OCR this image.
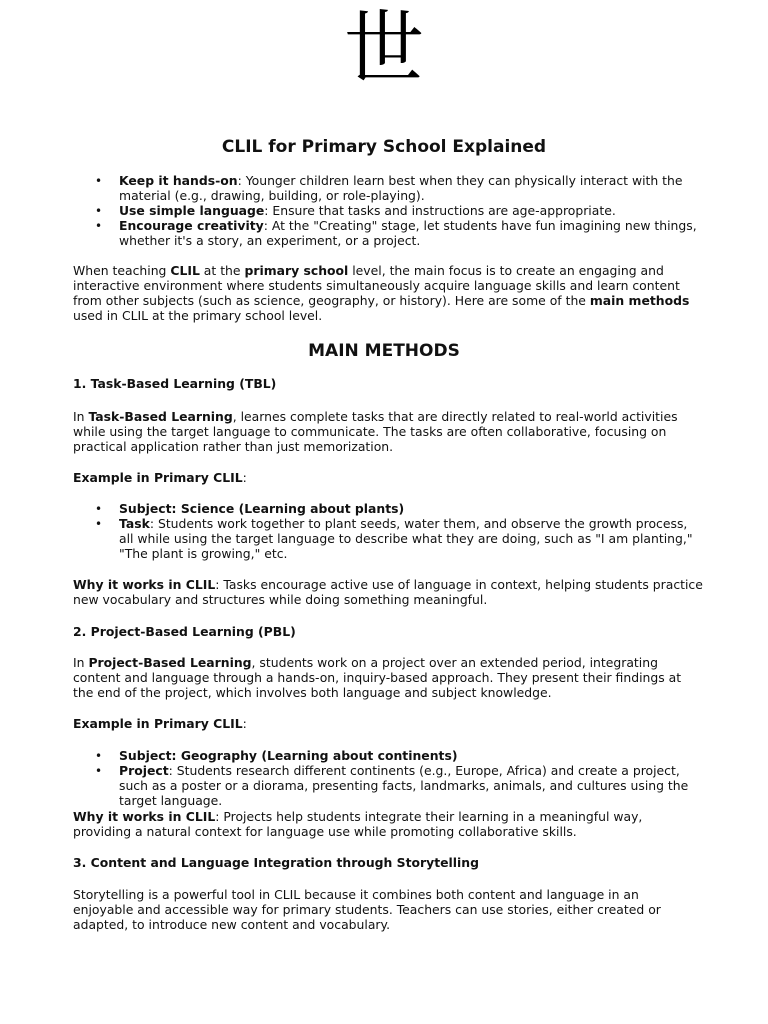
世
CLIL for Primary School Explained
• Keep it hands-on: Younger children learn best when they can physically interact with the material (e.g., drawing, building, or role-playing).
• Use simple language: Ensure that tasks and instructions are age-appropriate.
• Encourage creativity: At the "Creating" stage, let students have fun imagining new things, whether it's a story, an experiment, or a project.

When teaching CLIL at the primary school level, the main focus is to create an engaging and interactive environment where students simultaneously acquire language skills and learn content from other subjects (such as science, geography, or history). Here are some of the main methods used in CLIL at the primary school level.

MAIN METHODS

1. Task-Based Learning (TBL)

In Task-Based Learning, learnes complete tasks that are directly related to real-world activities while using the target language to communicate. The tasks are often collaborative, focusing on practical application rather than just memorization.

Example in Primary CLIL:

• Subject: Science (Learning about plants)
• Task: Students work together to plant seeds, water them, and observe the growth process, all while using the target language to describe what they are doing, such as "I am planting," "The plant is growing," etc.

Why it works in CLIL: Tasks encourage active use of language in context, helping students practice new vocabulary and structures while doing something meaningful.

2. Project-Based Learning (PBL)

In Project-Based Learning, students work on a project over an extended period, integrating content and language through a hands-on, inquiry-based approach. They present their findings at the end of the project, which involves both language and subject knowledge.

Example in Primary CLIL:

• Subject: Geography (Learning about continents)
• Project: Students research different continents (e.g., Europe, Africa) and create a project, such as a poster or a diorama, presenting facts, landmarks, animals, and cultures using the target language.

Why it works in CLIL: Projects help students integrate their learning in a meaningful way, providing a natural context for language use while promoting collaborative skills.

3. Content and Language Integration through Storytelling

Storytelling is a powerful tool in CLIL because it combines both content and language in an enjoyable and accessible way for primary students. Teachers can use stories, either created or adapted, to introduce new content and vocabulary.
